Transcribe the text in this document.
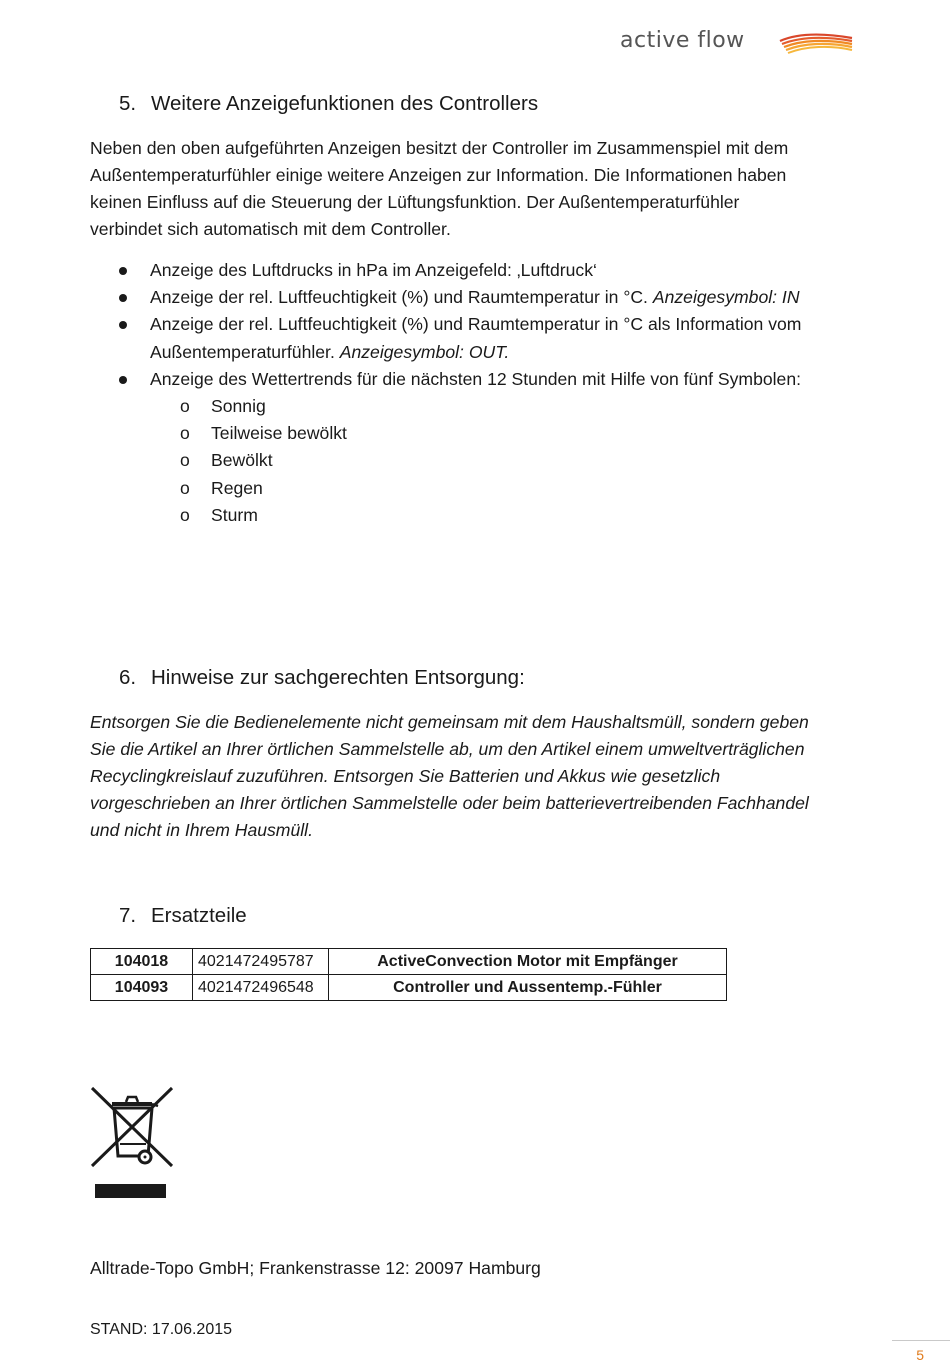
active flow
5. Weitere Anzeigefunktionen des Controllers
Neben den oben aufgeführten Anzeigen besitzt der Controller im Zusammenspiel mit dem
Außentemperaturfühler einige weitere Anzeigen zur Information. Die Informationen haben
keinen Einfluss auf die Steuerung der Lüftungsfunktion. Der Außentemperaturfühler
verbindet sich automatisch mit dem Controller.
Anzeige des Luftdrucks in hPa im Anzeigefeld: ‚Luftdruck‘
Anzeige der rel. Luftfeuchtigkeit (%) und Raumtemperatur in °C. Anzeigesymbol: IN
Anzeige der rel. Luftfeuchtigkeit (%) und Raumtemperatur in °C als Information vom Außentemperaturfühler. Anzeigesymbol: OUT.
Anzeige des Wettertrends für die nächsten 12 Stunden mit Hilfe von fünf Symbolen:
o Sonnig
o Teilweise bewölkt
o Bewölkt
o Regen
o Sturm
6. Hinweise zur sachgerechten Entsorgung:
Entsorgen Sie die Bedienelemente nicht gemeinsam mit dem Haushaltsmüll, sondern geben
Sie die Artikel an Ihrer örtlichen Sammelstelle ab, um den Artikel einem umweltverträglichen
Recyclingkreislauf zuzuführen. Entsorgen Sie Batterien und Akkus wie gesetzlich
vorgeschrieben an Ihrer örtlichen Sammelstelle oder beim batterievertreibenden Fachhandel
und nicht in Ihrem Hausmüll.
7. Ersatzteile
104018	4021472495787	ActiveConvection Motor mit Empfänger
104093	4021472496548	Controller und Aussentemp.-Fühler
Alltrade-Topo GmbH; Frankenstrasse 12: 20097 Hamburg
STAND: 17.06.2015
5
